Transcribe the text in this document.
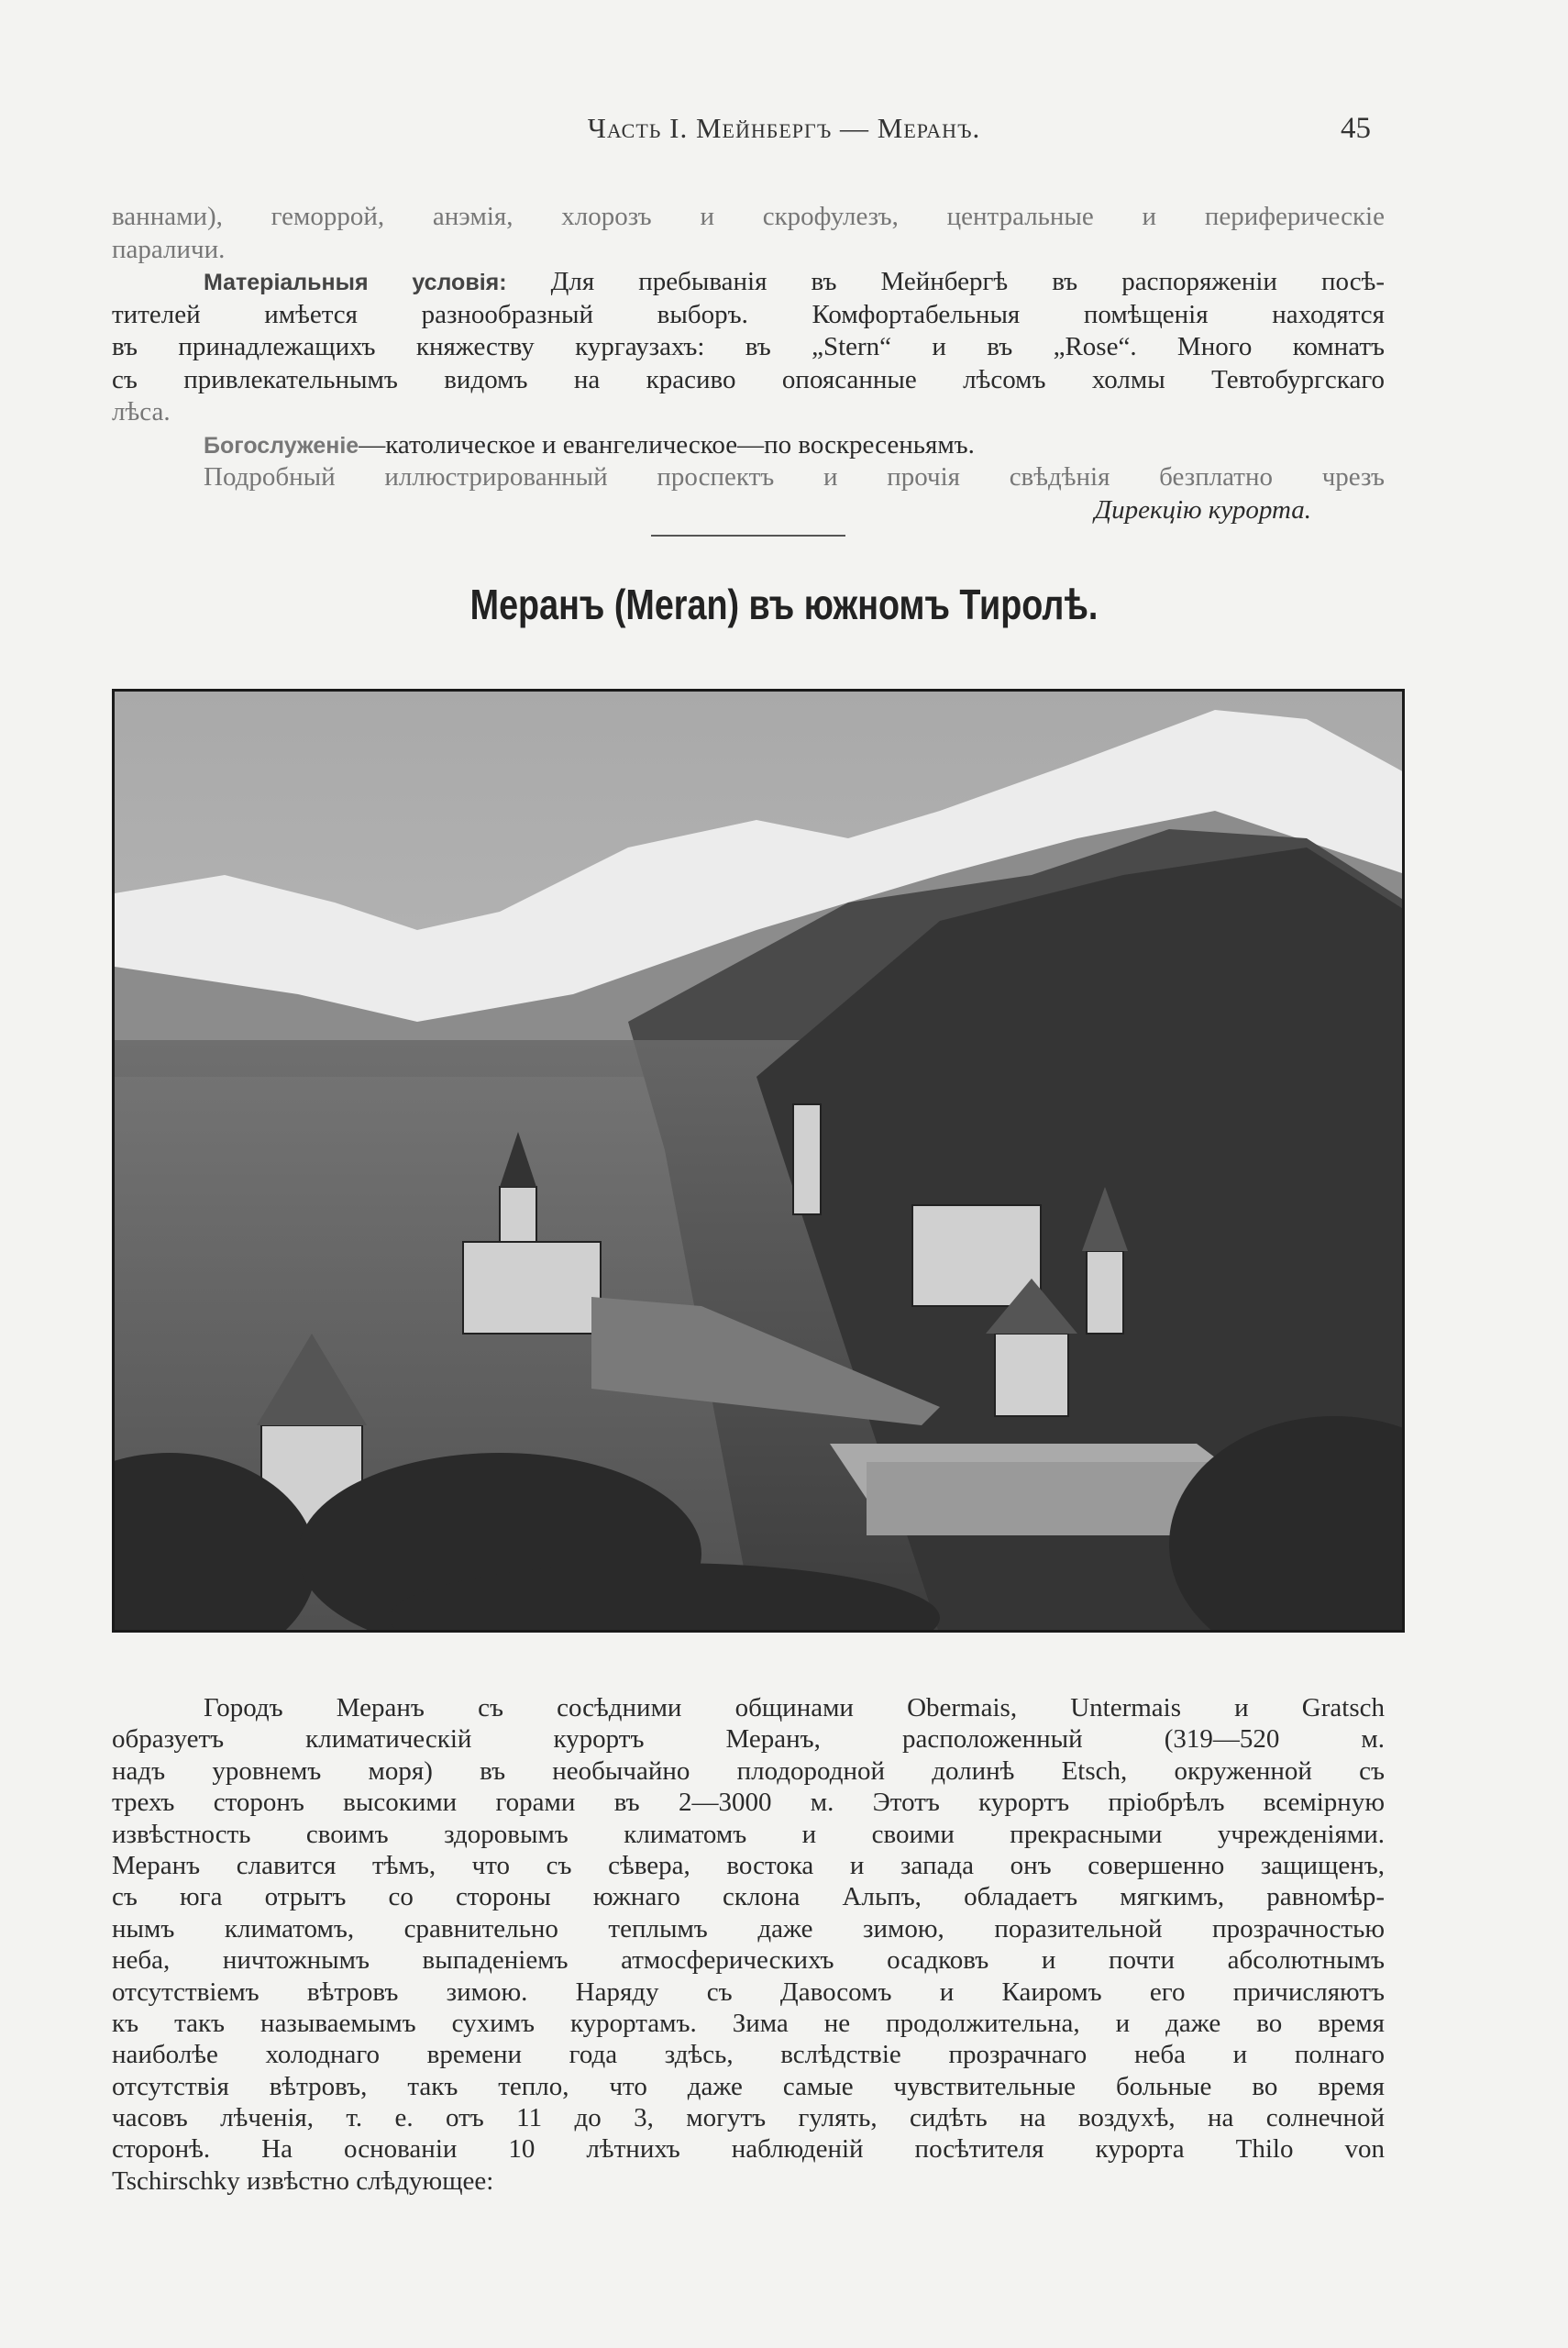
Часть I. Мейнбергъ — Меранъ.	45
ваннами), геморрой, анэмія, хлорозъ и скрофулезъ, центральные и периферическіе
параличи.
Матеріальныя условія: Для пребыванія въ Мейнбергѣ въ распоряженіи посѣ-
тителей имѣется разнообразный выборъ. Комфортабельныя помѣщенія находятся
въ принадлежащихъ княжеству кургаузахъ: въ „Stern“ и въ „Rose“. Много комнатъ
съ привлекательнымъ видомъ на красиво опоясанные лѣсомъ холмы Тевтобургскаго
лѣса.
Богослуженіе—католическое и евангелическое—по воскресеньямъ.
Подробный иллюстрированный проспектъ и прочія свѣдѣнія безплатно чрезъ
Дирекцію курорта.
Меранъ (Meran) въ южномъ Тиролѣ.
Городъ Меранъ съ сосѣдними общинами Obermais, Untermais и Gratsch
образуетъ климатическій курортъ Меранъ, расположенный (319—520 м.
надъ уровнемъ моря) въ необычайно плодородной долинѣ Etsch, окруженной съ
трехъ сторонъ высокими горами въ 2—3000 м. Этотъ курортъ пріобрѣлъ всемірную
извѣстность своимъ здоровымъ климатомъ и своими прекрасными учрежденіями.
Меранъ славится тѣмъ, что съ сѣвера, востока и запада онъ совершенно защищенъ,
съ юга отрытъ со стороны южнаго склона Альпъ, обладаетъ мягкимъ, равномѣр-
нымъ климатомъ, сравнительно теплымъ даже зимою, поразительной прозрачностью
неба, ничтожнымъ выпаденіемъ атмосферическихъ осадковъ и почти абсолютнымъ
отсутствіемъ вѣтровъ зимою. Наряду съ Давосомъ и Каиромъ его причисляютъ
къ такъ называемымъ сухимъ курортамъ. Зима не продолжительна, и даже во время
наиболѣе холоднаго времени года здѣсь, вслѣдствіе прозрачнаго неба и полнаго
отсутствія вѣтровъ, такъ тепло, что даже самые чувствительные больные во время
часовъ лѣченія, т. е. отъ 11 до 3, могутъ гулять, сидѣть на воздухѣ, на солнечной
сторонѣ. На основаніи 10 лѣтнихъ наблюденій посѣтителя курорта Thilo von
Tschirschky извѣстно слѣдующее:
